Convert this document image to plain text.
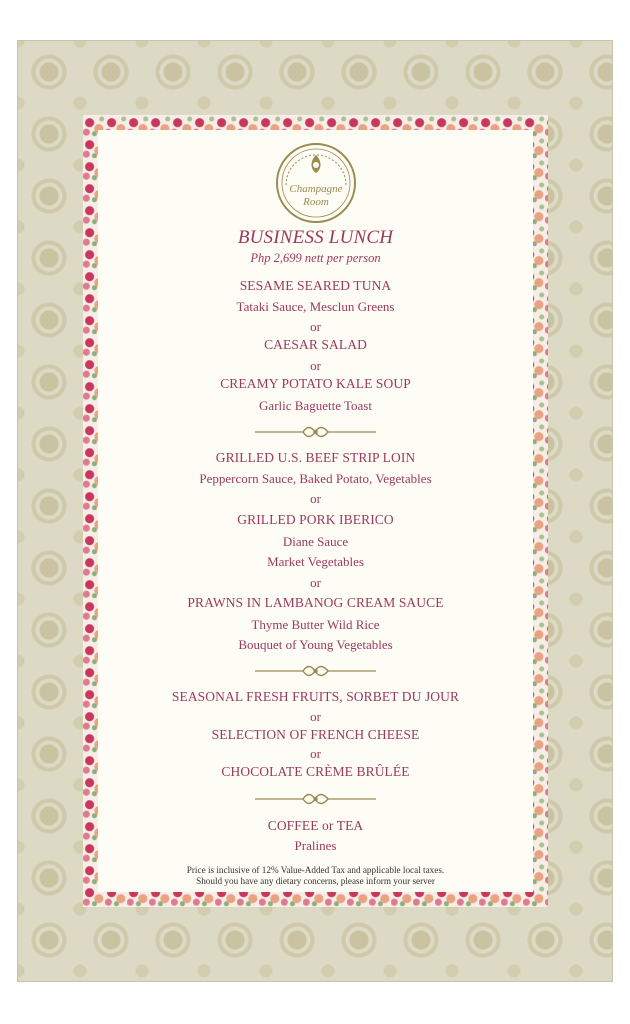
Champagne
Room
BUSINESS LUNCH
Php 2,699 nett per person
SESAME SEARED TUNA
Tataki Sauce, Mesclun Greens
or
CAESAR SALAD
or
CREAMY POTATO KALE SOUP
Garlic Baguette Toast
GRILLED U.S. BEEF STRIP LOIN
Peppercorn Sauce, Baked Potato, Vegetables
or
GRILLED PORK IBERICO
Diane Sauce
Market Vegetables
or
PRAWNS IN LAMBANOG CREAM SAUCE
Thyme Butter Wild Rice
Bouquet of Young Vegetables
SEASONAL FRESH FRUITS, SORBET DU JOUR
or
SELECTION OF FRENCH CHEESE
or
CHOCOLATE CRÈME BRÛLÉE
COFFEE or TEA
Pralines
Price is inclusive of 12% Value-Added Tax and applicable local taxes.
Should you have any dietary concerns, please inform your server
